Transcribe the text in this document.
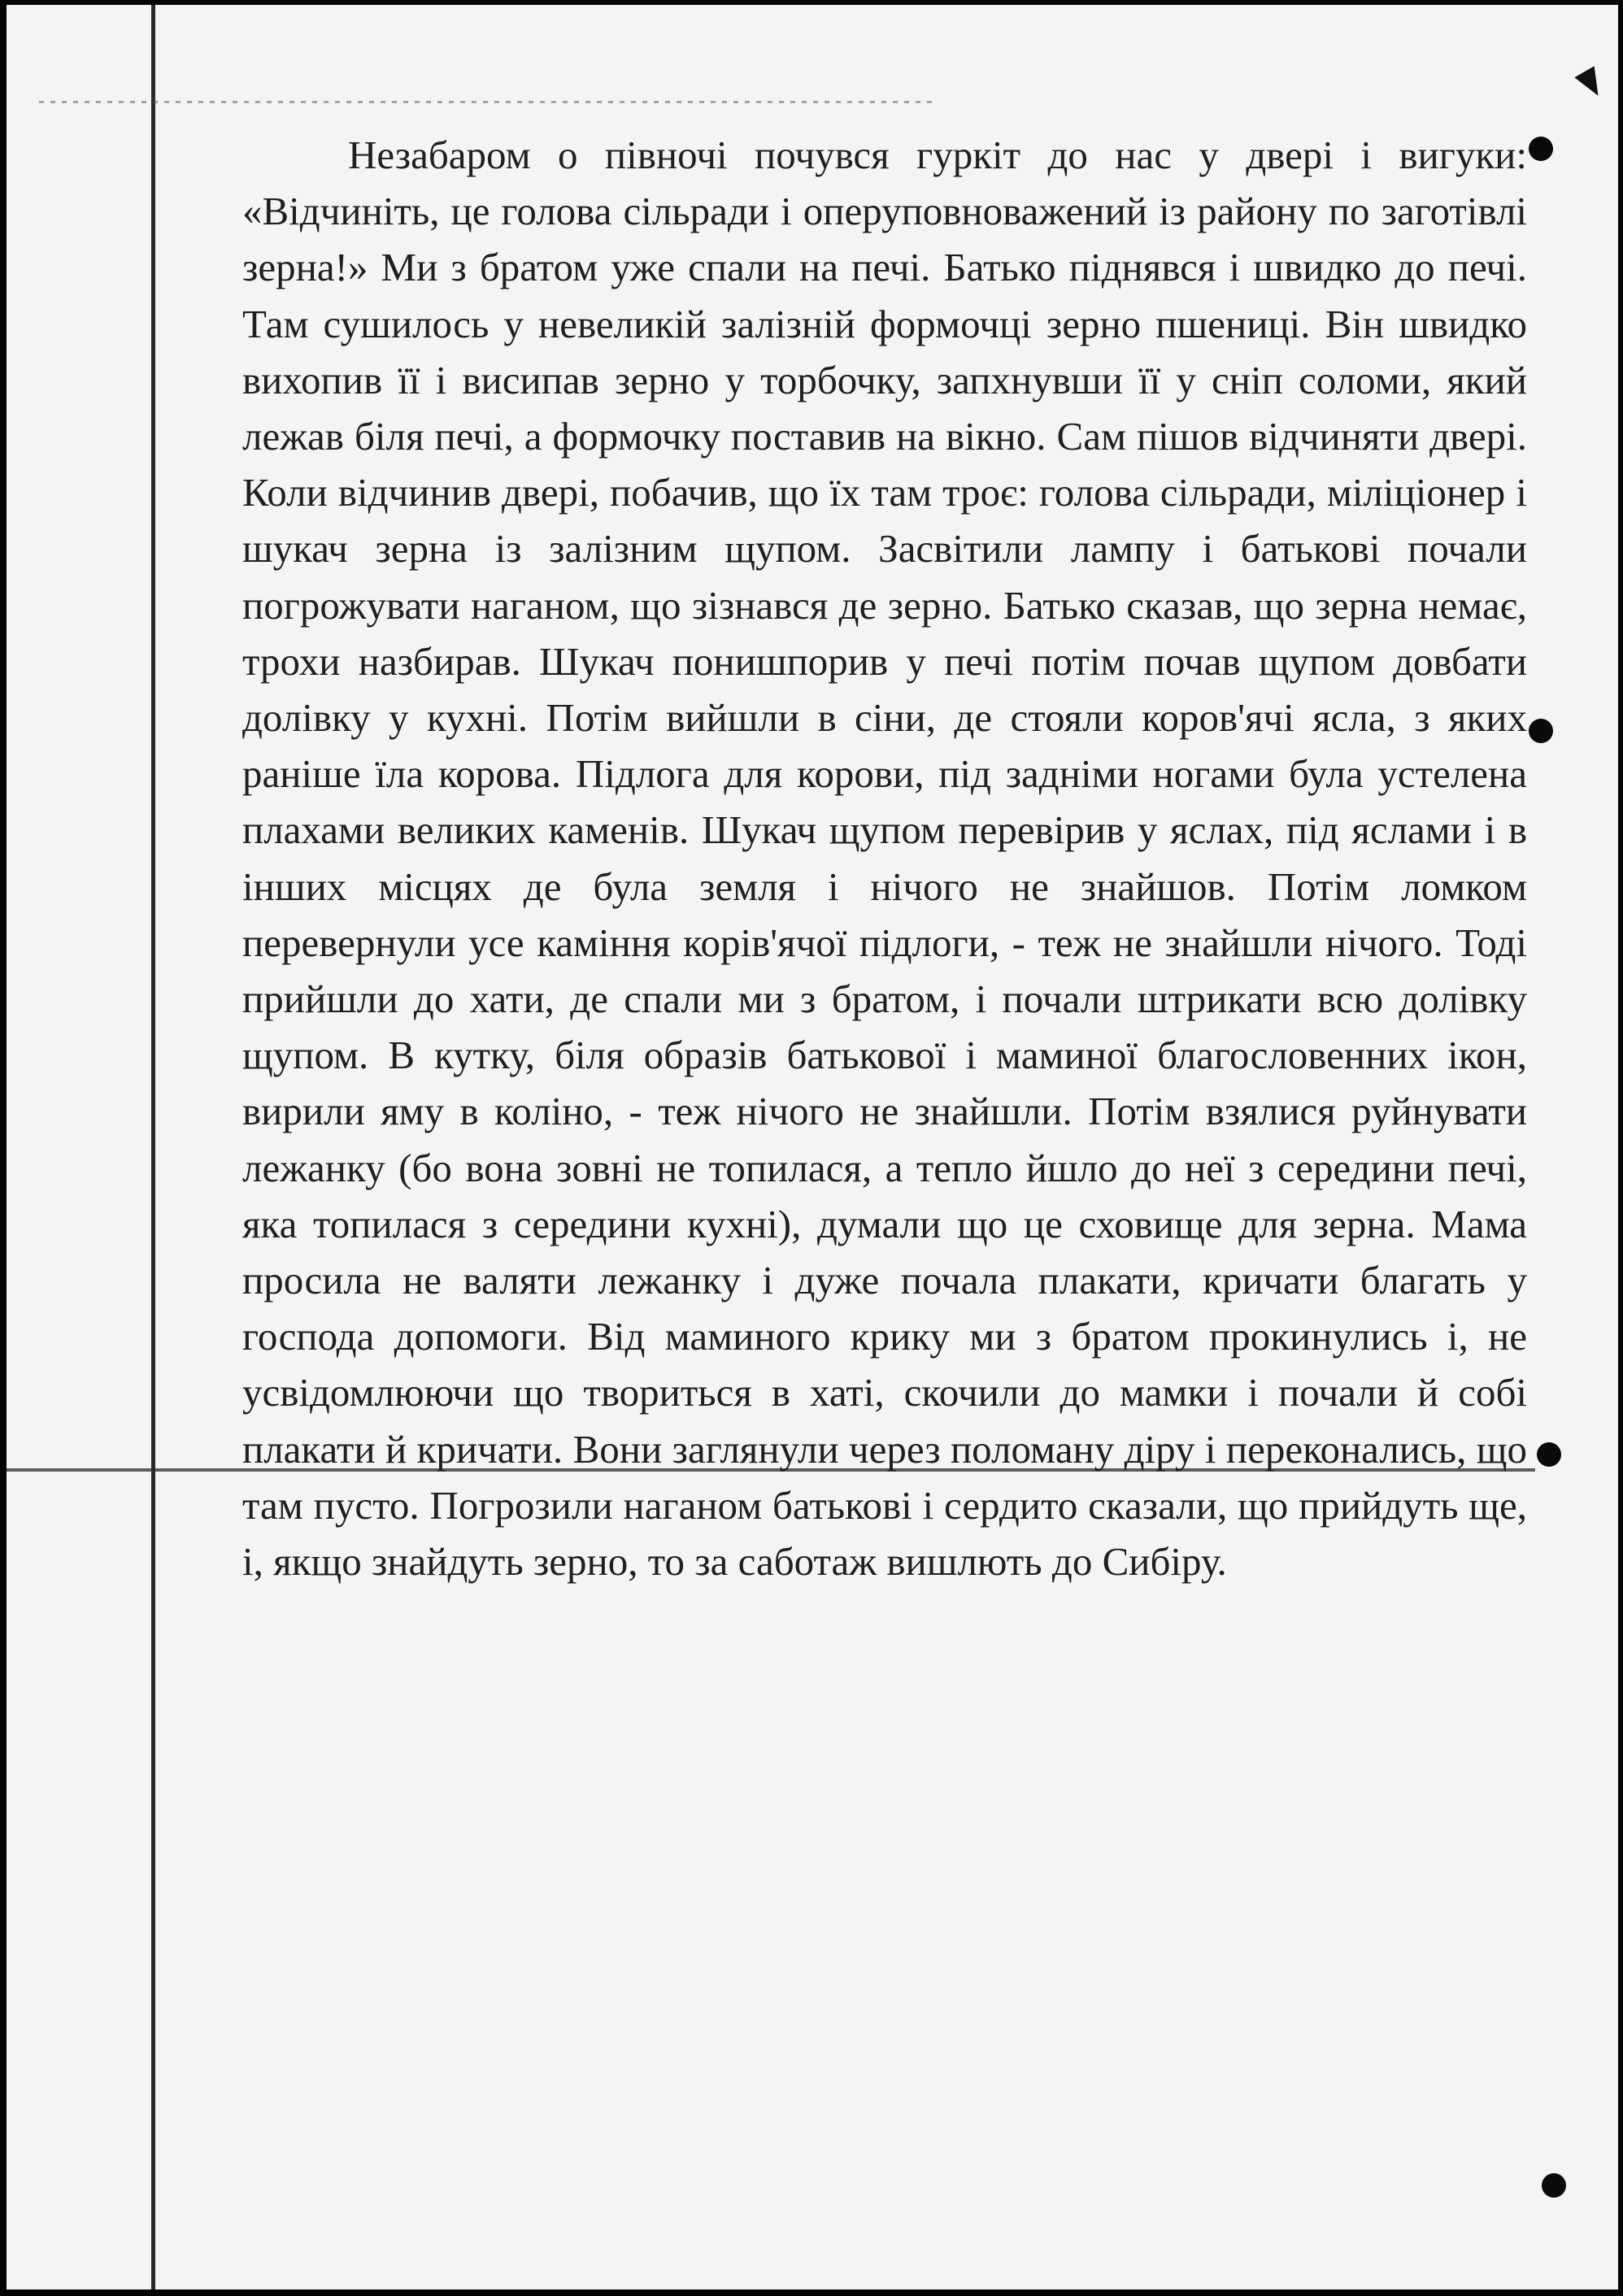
Незабаром о півночі почувся гуркіт до нас у двері і вигуки: «Відчиніть, це голова сільради і оперуповноважений із району по заготівлі зерна!» Ми з братом уже спали на печі. Батько піднявся і швидко до печі. Там сушилось у невеликій залізній формочці зерно пшениці. Він швидко вихопив її і висипав зерно у торбочку, запхнувши її у сніп соломи, який лежав біля печі, а формочку поставив на вікно. Сам пішов відчиняти двері. Коли відчинив двері, побачив, що їх там троє: голова сільради, міліціонер і шукач зерна із залізним щупом. Засвітили лампу і батькові почали погрожувати наганом, що зізнався де зерно. Батько сказав, що зерна немає, трохи назбирав. Шукач понишпорив у печі потім почав щупом довбати долівку у кухні. Потім вийшли в сіни, де стояли коров'ячі ясла, з яких раніше їла корова. Підлога для корови, під задніми ногами була устелена плахами великих каменів. Шукач щупом перевірив у яслах, під яслами і в інших місцях де була земля і нічого не знайшов. Потім ломком перевернули усе каміння корів'ячої підлоги, - теж не знайшли нічого. Тоді прийшли до хати, де спали ми з братом, і почали штрикати всю долівку щупом. В кутку, біля образів батькової і маминої благословенних ікон, вирили яму в коліно, - теж нічого не знайшли. Потім взялися руйнувати лежанку (бо вона зовні не топилася, а тепло йшло до неї з середини печі, яка топилася з середини кухні), думали що це сховище для зерна. Мама просила не валяти лежанку і дуже почала плакати, кричати благать у господа допомоги. Від маминого крику ми з братом прокинулись і, не усвідомлюючи що твориться в хаті, скочили до мамки і почали й собі плакати й кричати. Вони заглянули через поломану діру і переконались, що там пусто. Погрозили наганом батькові і сердито сказали, що прийдуть ще, і, якщо знайдуть зерно, то за саботаж вишлють до Сибіру.
